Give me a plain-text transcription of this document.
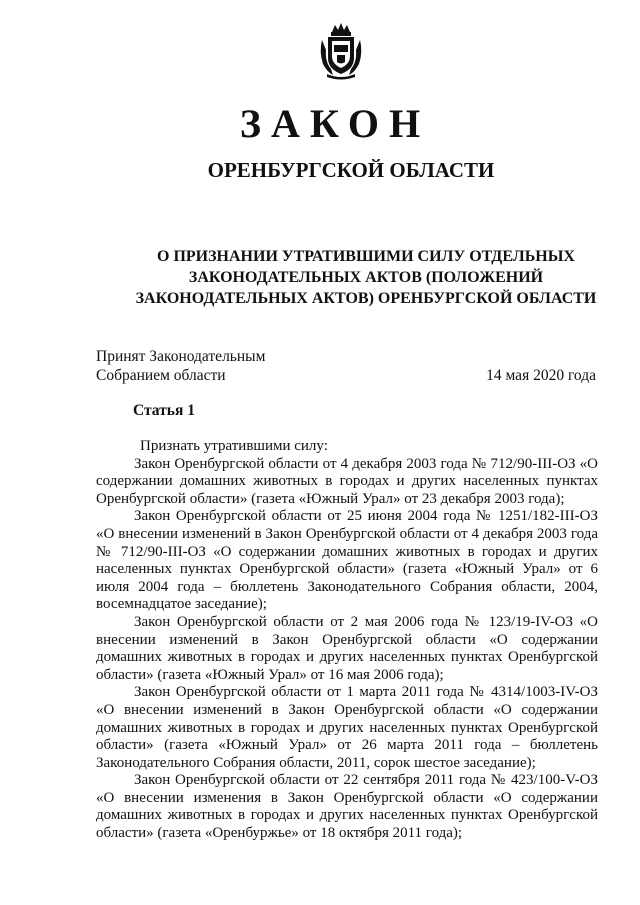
ЗАКОН
ОРЕНБУРГСКОЙ ОБЛАСТИ
О ПРИЗНАНИИ УТРАТИВШИМИ СИЛУ ОТДЕЛЬНЫХ
ЗАКОНОДАТЕЛЬНЫХ АКТОВ (ПОЛОЖЕНИЙ
ЗАКОНОДАТЕЛЬНЫХ АКТОВ) ОРЕНБУРГСКОЙ ОБЛАСТИ
Принят Законодательным
Собранием области	14 мая 2020 года
Статья 1

Признать утратившими силу:

Закон Оренбургской области от 4 декабря 2003 года № 712/90-III-ОЗ «О содержании домашних животных в городах и других населенных пунктах Оренбургской области» (газета «Южный Урал» от 23 декабря 2003 года);

Закон Оренбургской области от 25 июня 2004 года № 1251/182-III-ОЗ «О внесении изменений в Закон Оренбургской области от 4 декабря 2003 года № 712/90-III-ОЗ «О содержании домашних животных в городах и других населенных пунктах Оренбургской области» (газета «Южный Урал» от 6 июля 2004 года – бюллетень Законодательного Собрания области, 2004, восемнадцатое заседание);

Закон Оренбургской области от 2 мая 2006 года № 123/19-IV-ОЗ «О внесении изменений в Закон Оренбургской области «О содержании домашних животных в городах и других населенных пунктах Оренбургской области» (газета «Южный Урал» от 16 мая 2006 года);

Закон Оренбургской области от 1 марта 2011 года № 4314/1003-IV-ОЗ «О внесении изменений в Закон Оренбургской области «О содержании домашних животных в городах и других населенных пунктах Оренбургской области» (газета «Южный Урал» от 26 марта 2011 года – бюллетень Законодательного Собрания области, 2011, сорок шестое заседание);

Закон Оренбургской области от 22 сентября 2011 года № 423/100-V-ОЗ «О внесении изменения в Закон Оренбургской области «О содержании домашних животных в городах и других населенных пунктах Оренбургской области» (газета «Оренбуржье» от 18 октября 2011 года);
